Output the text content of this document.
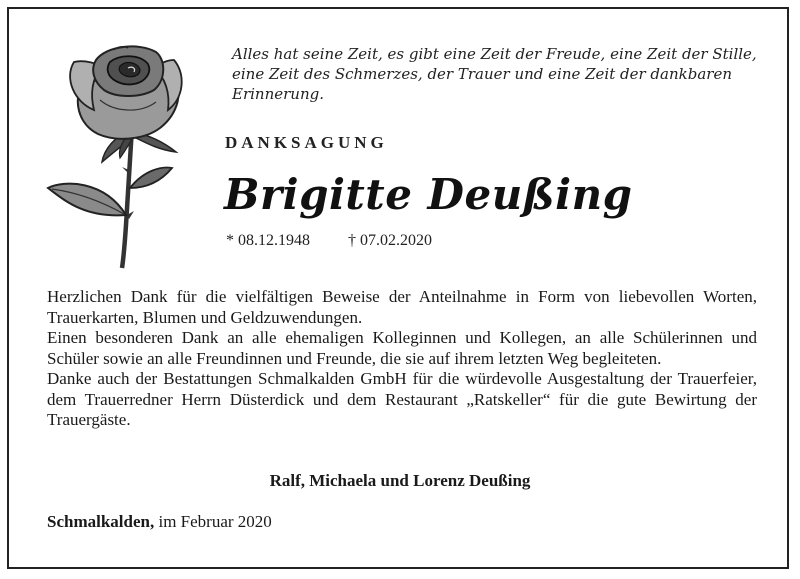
Alles hat seine Zeit, es gibt eine Zeit der Freude, eine Zeit der Stille, eine Zeit des Schmerzes, der Trauer und eine Zeit der dankbaren Erinnerung.
DANKSAGUNG
Brigitte Deußing
* 08.12.1948 † 07.02.2020

Herzlichen Dank für die vielfältigen Beweise der Anteilnahme in Form von liebevollen Worten, Trauerkarten, Blumen und Geldzuwendungen.

Einen besonderen Dank an alle ehemaligen Kolleginnen und Kollegen, an alle Schülerinnen und Schüler sowie an alle Freundinnen und Freunde, die sie auf ihrem letzten Weg begleiteten.

Danke auch der Bestattungen Schmalkalden GmbH für die würdevolle Ausgestaltung der Trauerfeier, dem Trauerredner Herrn Düsterdick und dem Restaurant „Ratskeller“ für die gute Bewirtung der Trauergäste.

Ralf, Michaela und Lorenz Deußing
Schmalkalden, im Februar 2020
